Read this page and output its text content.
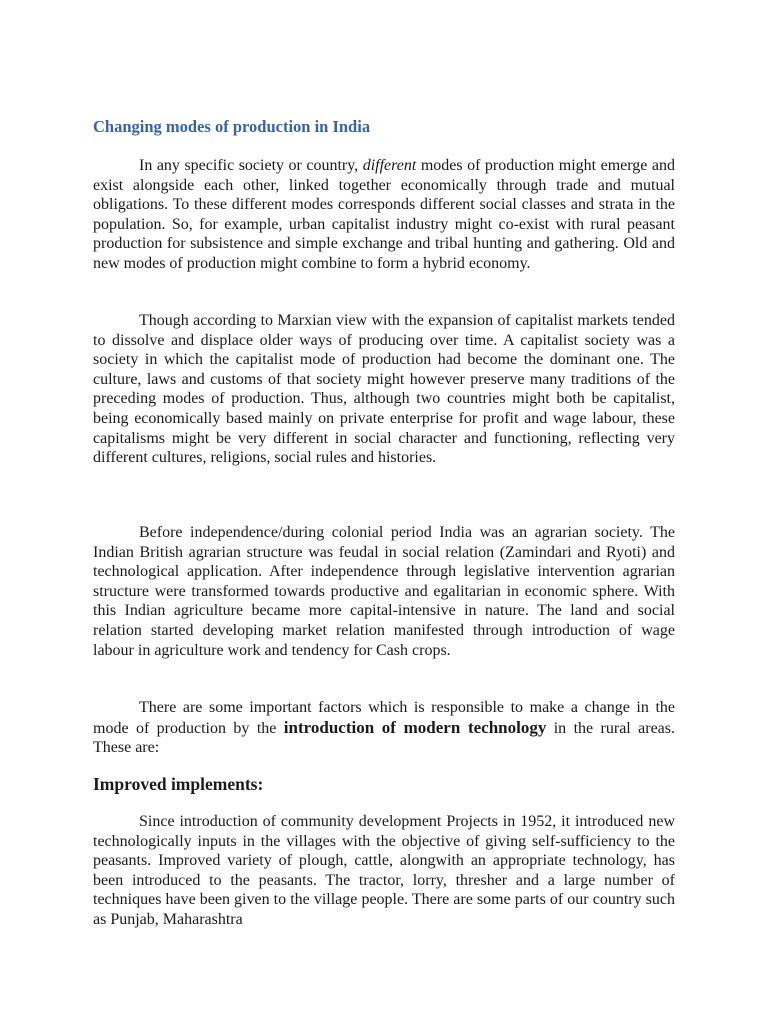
Changing modes of production in India

In any specific society or country, different modes of production might emerge and exist alongside each other, linked together economically through trade and mutual obligations. To these different modes corresponds different social classes and strata in the population. So, for example, urban capitalist industry might co-exist with rural peasant production for subsistence and simple exchange and tribal hunting and gathering. Old and new modes of production might combine to form a hybrid economy.

Though according to Marxian view with the expansion of capitalist markets tended to dissolve and displace older ways of producing over time. A capitalist society was a society in which the capitalist mode of production had become the dominant one. The culture, laws and customs of that society might however preserve many traditions of the preceding modes of production. Thus, although two countries might both be capitalist, being economically based mainly on private enterprise for profit and wage labour, these capitalisms might be very different in social character and functioning, reflecting very different cultures, religions, social rules and histories.

Before independence/during colonial period India was an agrarian society. The Indian British agrarian structure was feudal in social relation (Zamindari and Ryoti) and technological application. After independence through legislative intervention agrarian structure were transformed towards productive and egalitarian in economic sphere. With this Indian agriculture became more capital-intensive in nature. The land and social relation started developing market relation manifested through introduction of wage labour in agriculture work and tendency for Cash crops.

There are some important factors which is responsible to make a change in the mode of production by the introduction of modern technology in the rural areas. These are:

Improved implements:

Since introduction of community development Projects in 1952, it introduced new technologically inputs in the villages with the objective of giving self-sufficiency to the peasants. Improved variety of plough, cattle, alongwith an appropriate technology, has been introduced to the peasants. The tractor, lorry, thresher and a large number of techniques have been given to the village people. There are some parts of our country such as Punjab, Maharashtra
